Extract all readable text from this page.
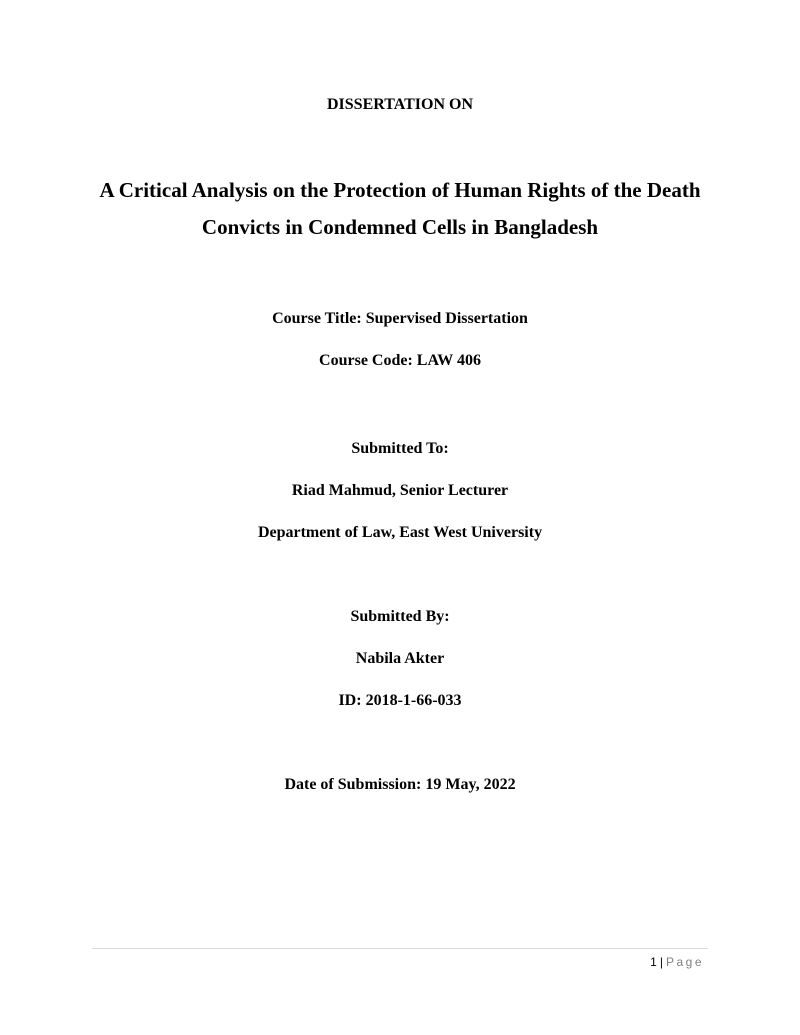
DISSERTATION ON
A Critical Analysis on the Protection of Human Rights of the Death
Convicts in Condemned Cells in Bangladesh
Course Title: Supervised Dissertation
Course Code: LAW 406
Submitted To:
Riad Mahmud, Senior Lecturer
Department of Law, East West University
Submitted By:
Nabila Akter
ID: 2018-1-66-033
Date of Submission: 19 May, 2022
1 | Page
